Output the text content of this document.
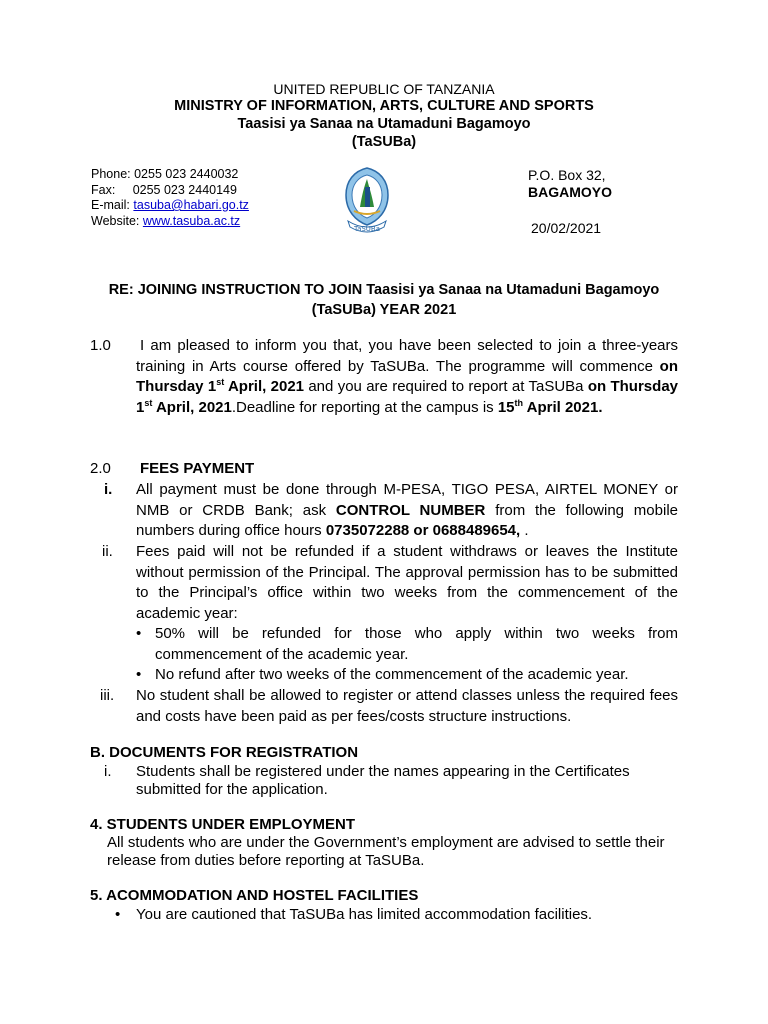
UNITED REPUBLIC OF TANZANIA
MINISTRY OF INFORMATION, ARTS, CULTURE AND SPORTS
Taasisi ya Sanaa na Utamaduni Bagamoyo
(TaSUBa)
Phone: 0255 023 2440032
Fax: 0255 023 2440149
E-mail: tasuba@habari.go.tz
Website: www.tasuba.ac.tz
TaSUBa
P.O. Box 32,
BAGAMOYO
20/02/2021
RE: JOINING INSTRUCTION TO JOIN Taasisi ya Sanaa na Utamaduni Bagamoyo
(TaSUBa) YEAR 2021
1.0 I am pleased to inform you that, you have been selected to join a three-years training in Arts course offered by TaSUBa. The programme will commence on Thursday 1st April, 2021 and you are required to report at TaSUBa on Thursday 1st April, 2021.Deadline for reporting at the campus is 15th April 2021.
2.0 FEES PAYMENT
i. All payment must be done through M-PESA, TIGO PESA, AIRTEL MONEY or NMB or CRDB Bank; ask CONTROL NUMBER from the following mobile numbers during office hours 0735072288 or 0688489654, .
ii. Fees paid will not be refunded if a student withdraws or leaves the Institute without permission of the Principal. The approval permission has to be submitted to the Principal’s office within two weeks from the commencement of the academic year:
• 50% will be refunded for those who apply within two weeks from commencement of the academic year.
• No refund after two weeks of the commencement of the academic year.
iii. No student shall be allowed to register or attend classes unless the required fees and costs have been paid as per fees/costs structure instructions.
B. DOCUMENTS FOR REGISTRATION
i. Students shall be registered under the names appearing in the Certificates submitted for the application.
4. STUDENTS UNDER EMPLOYMENT
All students who are under the Government’s employment are advised to settle their release from duties before reporting at TaSUBa.
5. ACOMMODATION AND HOSTEL FACILITIES
• You are cautioned that TaSUBa has limited accommodation facilities.
